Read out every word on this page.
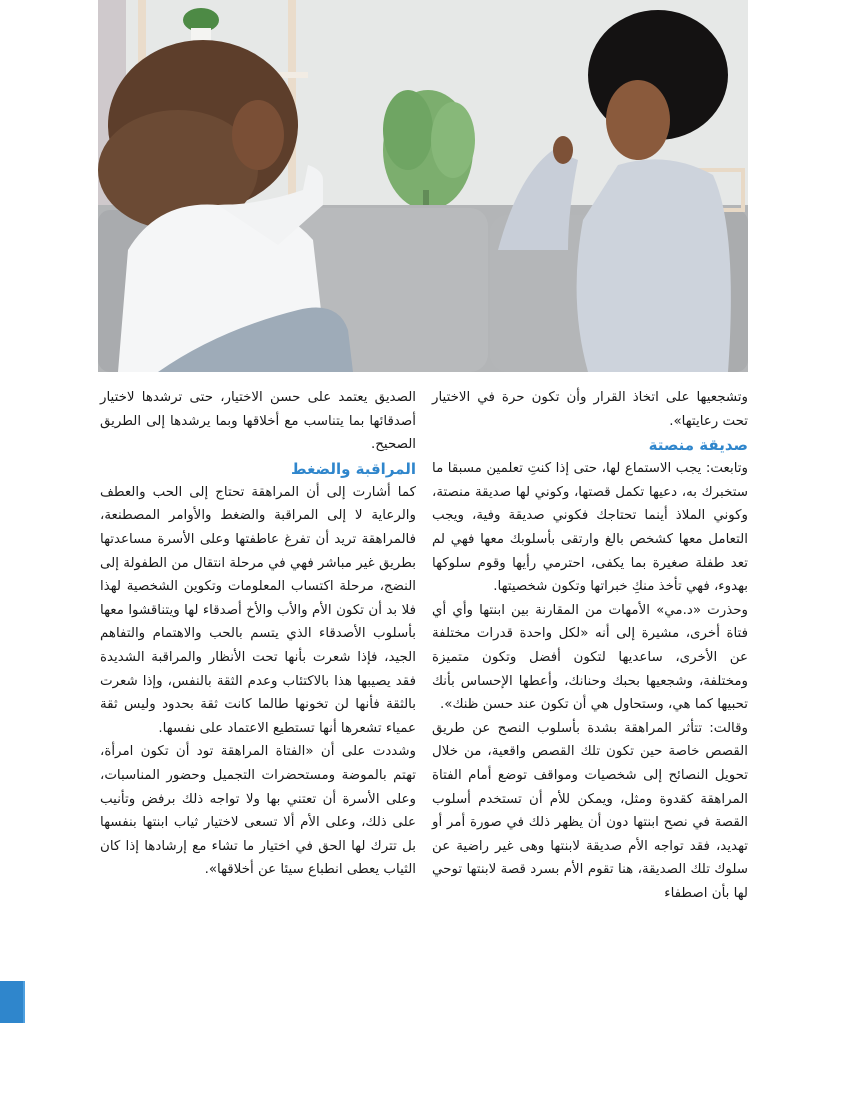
وتشجعيها على اتخاذ القرار وأن تكون حرة في الاختيار تحت رعايتها».

صديقة منصتة

وتابعت: يجب الاستماع لها، حتى إذا كنتِ تعلمين مسبقا ما ستخبرك به، دعيها تكمل قصتها، وكوني لها صديقة منصتة، وكوني الملاذ أينما تحتاجك فكوني صديقة وفية، ويجب التعامل معها كشخص بالغ وارتقى بأسلوبك معها فهي لم تعد طفلة صغيرة بما يكفى، احترمي رأيها وقوم سلوكها بهدوء، فهي تأخذ منكِ خبراتها وتكون شخصيتها.

وحذرت «د.مي» الأمهات من المقارنة بين ابنتها وأي أي فتاة أخرى، مشيرة إلى أنه «لكل واحدة قدرات مختلفة عن الأخرى، ساعديها لتكون أفضل وتكون متميزة ومختلفة، وشجعيها بحبك وحنانك، وأعطها الإحساس بأنك تحبيها كما هي، وستحاول هي أن تكون عند حسن ظنك».

وقالت: تتأثر المراهقة بشدة بأسلوب النصح عن طريق القصص خاصة حين تكون تلك القصص واقعية، من خلال تحويل النصائح إلى شخصيات ومواقف توضع أمام الفتاة المراهقة كقدوة ومثل، ويمكن للأم أن تستخدم أسلوب القصة في نصح ابنتها دون أن يظهر ذلك في صورة أمر أو تهديد، فقد تواجه الأم صديقة لابنتها وهى غير راضية عن سلوك تلك الصديقة، هنا تقوم الأم بسرد قصة لابنتها توحي لها بأن اصطفاء

الصديق يعتمد على حسن الاختيار، حتى ترشدها لاختيار أصدقائها بما يتناسب مع أخلاقها وبما يرشدها إلى الطريق الصحيح.

المراقبة والضغط

كما أشارت إلى أن المراهقة تحتاج إلى الحب والعطف والرعاية لا إلى المراقبة والضغط والأوامر المصطنعة، فالمراهقة تريد أن تفرغ عاطفتها وعلى الأسرة مساعدتها بطريق غير مباشر فهي في مرحلة انتقال من الطفولة إلى النضج، مرحلة اكتساب المعلومات وتكوين الشخصية لهذا فلا بد أن تكون الأم والأب والأخ أصدقاء لها ويتناقشوا معها بأسلوب الأصدقاء الذي يتسم بالحب والاهتمام والتفاهم الجيد، فإذا شعرت بأنها تحت الأنظار والمراقبة الشديدة فقد يصيبها هذا بالاكتئاب وعدم الثقة بالنفس، وإذا شعرت بالثقة فأنها لن تخونها طالما كانت ثقة بحدود وليس ثقة عمياء تشعرها أنها تستطيع الاعتماد على نفسها.

وشددت على أن «الفتاة المراهقة تود أن تكون امرأة، تهتم بالموضة ومستحضرات التجميل وحضور المناسبات، وعلى الأسرة أن تعتني بها ولا تواجه ذلك برفض وتأنيب على ذلك، وعلى الأم ألا تسعى لاختيار ثياب ابنتها بنفسها بل تترك لها الحق في اختيار ما تشاء مع إرشادها إذا كان الثياب يعطى انطباع سيئا عن أخلاقها».
